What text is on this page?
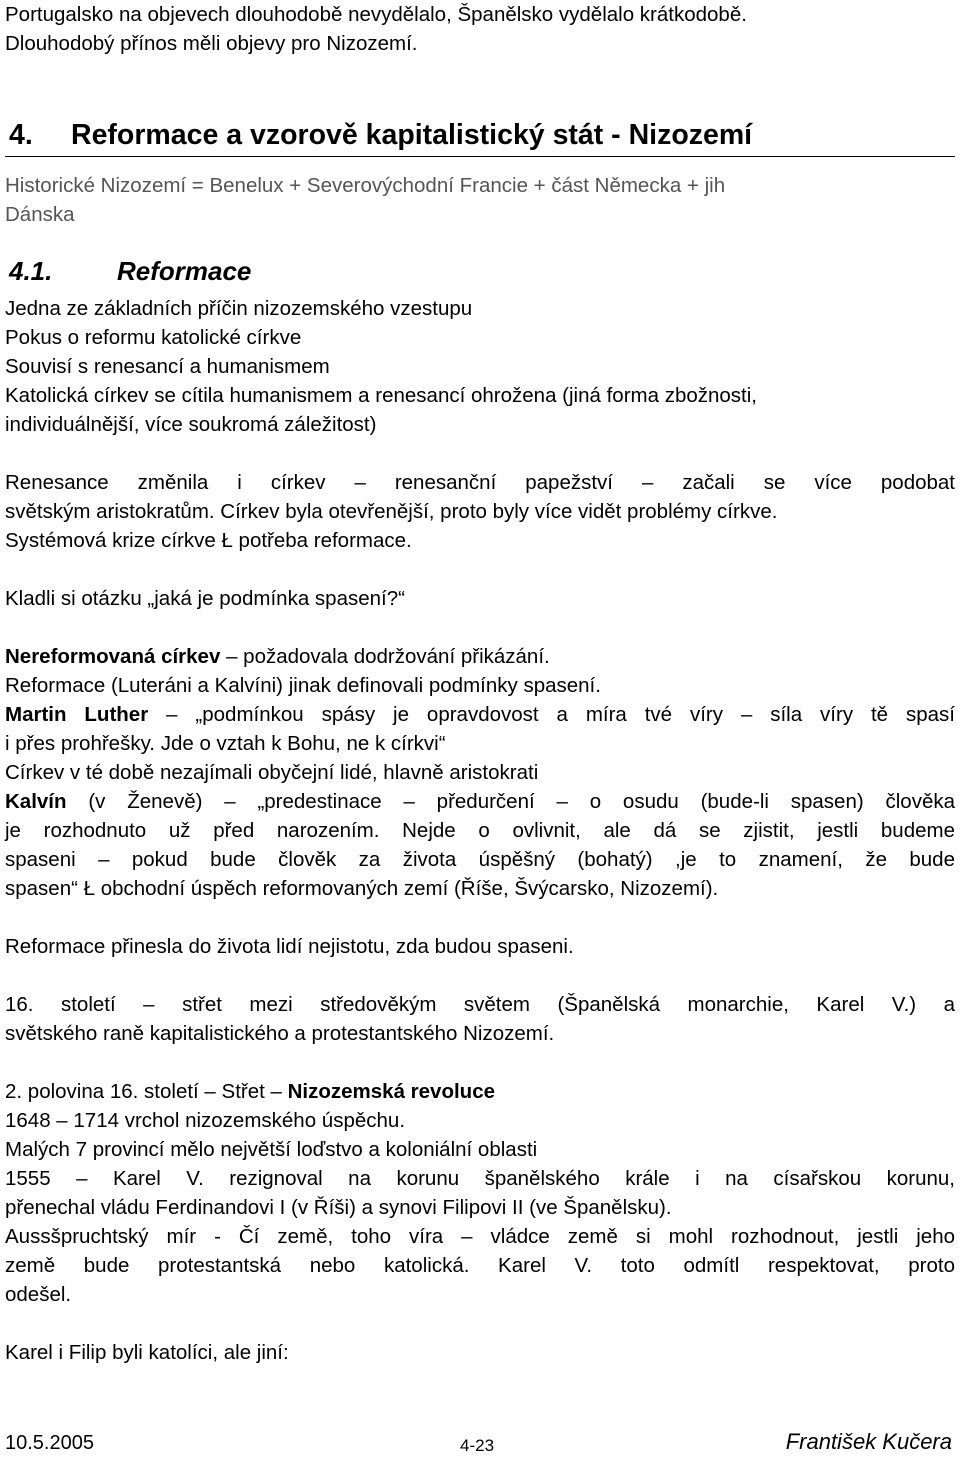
Portugalsko na objevech dlouhodobě nevydělalo, Španělsko vydělalo krátkodobě.
Dlouhodobý přínos měli objevy pro Nizozemí.
4. Reformace a vzorově kapitalistický stát - Nizozemí
Historické Nizozemí = Benelux + Severovýchodní Francie + část Německa + jih
Dánska
4.1. Reformace
Jedna ze základních příčin nizozemského vzestupu
Pokus o reformu katolické církve
Souvisí s renesancí a humanismem
Katolická církev se cítila humanismem a renesancí ohrožena (jiná forma zbožnosti,
individuálnější, více soukromá záležitost)
Renesance změnila i církev – renesanční papežství – začali se více podobat
světským aristokratům. Církev byla otevřenější, proto byly více vidět problémy církve.
Systémová krize církve Ł potřeba reformace.
Kladli si otázku „jaká je podmínka spasení?“
Nereformovaná církev – požadovala dodržování přikázání.
Reformace (Luteráni a Kalvíni) jinak definovali podmínky spasení.
Martin Luther – „podmínkou spásy je opravdovost a míra tvé víry – síla víry tě spasí
i přes prohřešky. Jde o vztah k Bohu, ne k církvi“
Církev v té době nezajímali obyčejní lidé, hlavně aristokrati
Kalvín (v Ženevě) – „predestinace – předurčení – o osudu (bude-li spasen) člověka
je rozhodnuto už před narozením. Nejde o ovlivnit, ale dá se zjistit, jestli budeme
spaseni – pokud bude člověk za života úspěšný (bohatý) ,je to znamení, že bude
spasen“ Ł obchodní úspěch reformovaných zemí (Říše, Švýcarsko, Nizozemí).
Reformace přinesla do života lidí nejistotu, zda budou spaseni.
16. století – střet mezi středověkým světem (Španělská monarchie, Karel V.) a
světského raně kapitalistického a protestantského Nizozemí.
2. polovina 16. století – Střet – Nizozemská revoluce
1648 – 1714 vrchol nizozemského úspěchu.
Malých 7 provincí mělo největší loďstvo a koloniální oblasti
1555 – Karel V. rezignoval na korunu španělského krále i na císařskou korunu,
přenechal vládu Ferdinandovi I (v Říši) a synovi Filipovi II (ve Španělsku).
Aussšpruchtský mír - Čí země, toho víra – vládce země si mohl rozhodnout, jestli jeho
země bude protestantská nebo katolická. Karel V. toto odmítl respektovat, proto
odešel.
Karel i Filip byli katolíci, ale jiní:
10.5.2005	4-23	František Kučera
